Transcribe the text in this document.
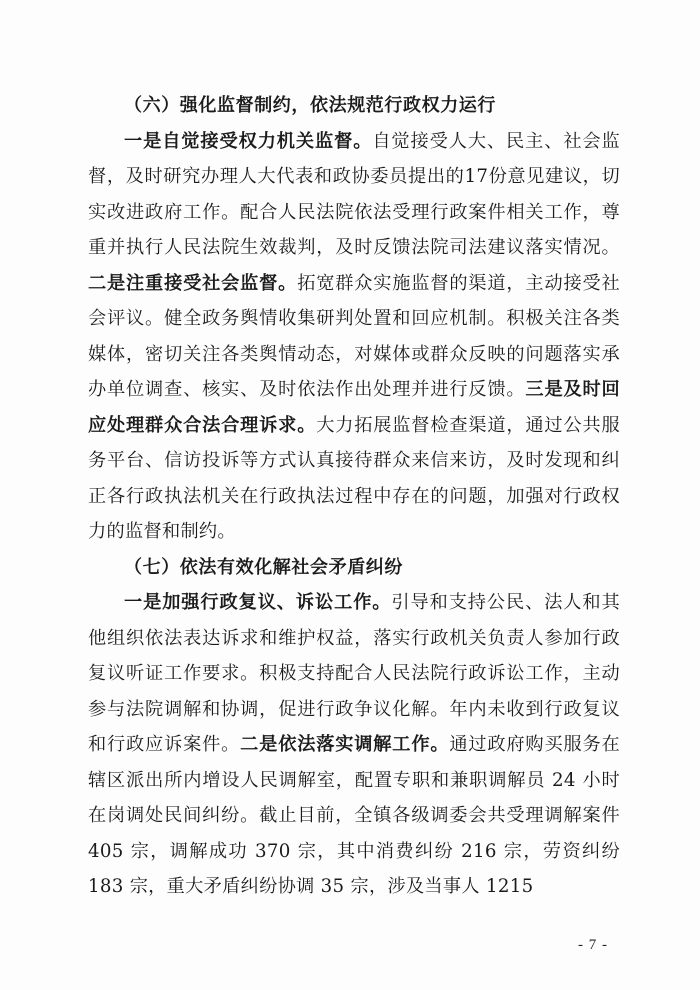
（六）强化监督制约，依法规范行政权力运行

一是自觉接受权力机关监督。自觉接受人大、民主、社会监督，及时研究办理人大代表和政协委员提出的17份意见建议，切实改进政府工作。配合人民法院依法受理行政案件相关工作，尊重并执行人民法院生效裁判，及时反馈法院司法建议落实情况。二是注重接受社会监督。拓宽群众实施监督的渠道，主动接受社会评议。健全政务舆情收集研判处置和回应机制。积极关注各类媒体，密切关注各类舆情动态，对媒体或群众反映的问题落实承办单位调查、核实、及时依法作出处理并进行反馈。三是及时回应处理群众合法合理诉求。大力拓展监督检查渠道，通过公共服务平台、信访投诉等方式认真接待群众来信来访，及时发现和纠正各行政执法机关在行政执法过程中存在的问题，加强对行政权力的监督和制约。

（七）依法有效化解社会矛盾纠纷

一是加强行政复议、诉讼工作。引导和支持公民、法人和其他组织依法表达诉求和维护权益，落实行政机关负责人参加行政复议听证工作要求。积极支持配合人民法院行政诉讼工作，主动参与法院调解和协调，促进行政争议化解。年内未收到行政复议和行政应诉案件。二是依法落实调解工作。通过政府购买服务在辖区派出所内增设人民调解室，配置专职和兼职调解员 24 小时在岗调处民间纠纷。截止目前，全镇各级调委会共受理调解案件 405 宗，调解成功 370 宗，其中消费纠纷 216 宗，劳资纠纷 183 宗，重大矛盾纠纷协调 35 宗，涉及当事人 1215

- 7 -
